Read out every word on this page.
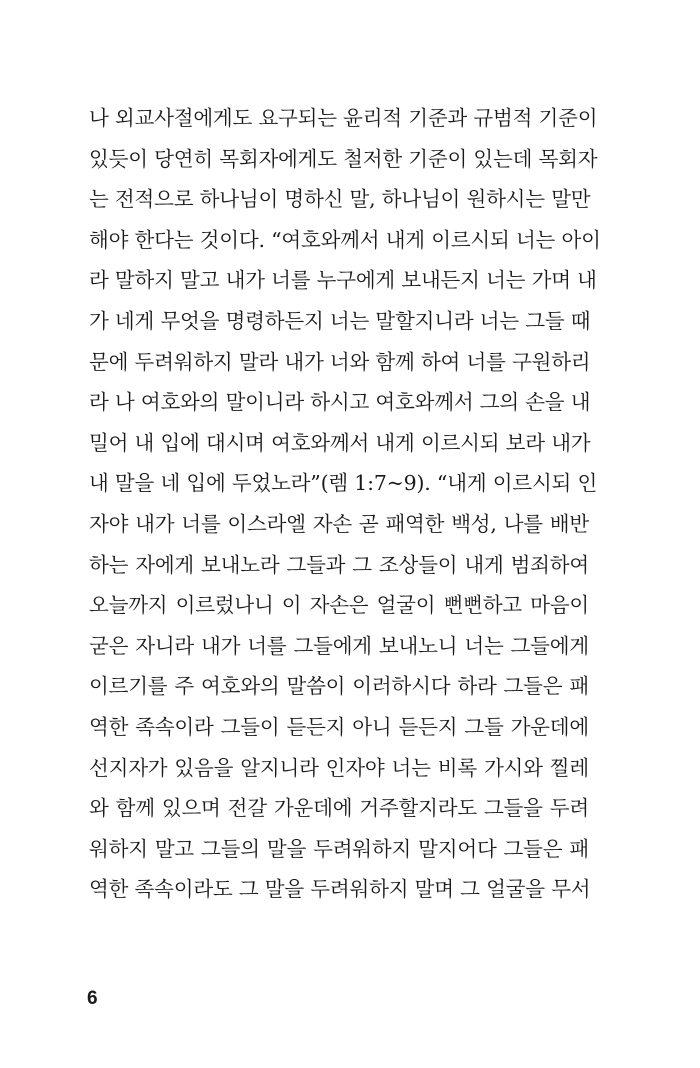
나 외교사절에게도 요구되는 윤리적 기준과 규범적 기준이
있듯이 당연히 목회자에게도 철저한 기준이 있는데 목회자
는 전적으로 하나님이 명하신 말, 하나님이 원하시는 말만
해야 한다는 것이다. “여호와께서 내게 이르시되 너는 아이
라 말하지 말고 내가 너를 누구에게 보내든지 너는 가며 내
가 네게 무엇을 명령하든지 너는 말할지니라 너는 그들 때
문에 두려워하지 말라 내가 너와 함께 하여 너를 구원하리
라 나 여호와의 말이니라 하시고 여호와께서 그의 손을 내
밀어 내 입에 대시며 여호와께서 내게 이르시되 보라 내가
내 말을 네 입에 두었노라”(렘 1:7~9). “내게 이르시되 인
자야 내가 너를 이스라엘 자손 곧 패역한 백성, 나를 배반
하는 자에게 보내노라 그들과 그 조상들이 내게 범죄하여
오늘까지 이르렀나니 이 자손은 얼굴이 뻔뻔하고 마음이
굳은 자니라 내가 너를 그들에게 보내노니 너는 그들에게
이르기를 주 여호와의 말씀이 이러하시다 하라 그들은 패
역한 족속이라 그들이 듣든지 아니 듣든지 그들 가운데에
선지자가 있음을 알지니라 인자야 너는 비록 가시와 찔레
와 함께 있으며 전갈 가운데에 거주할지라도 그들을 두려
워하지 말고 그들의 말을 두려워하지 말지어다 그들은 패
역한 족속이라도 그 말을 두려워하지 말며 그 얼굴을 무서
6
